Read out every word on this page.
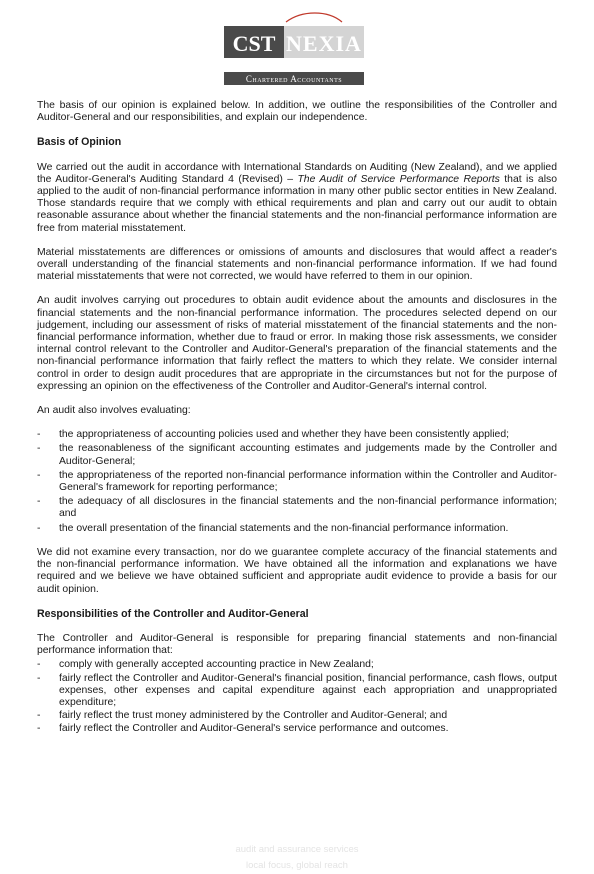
CST NEXIA
Chartered Accountants

The basis of our opinion is explained below. In addition, we outline the responsibilities of the Controller and Auditor-General and our responsibilities, and explain our independence.

Basis of Opinion

We carried out the audit in accordance with International Standards on Auditing (New Zealand), and we applied the Auditor-General's Auditing Standard 4 (Revised) – The Audit of Service Performance Reports that is also applied to the audit of non-financial performance information in many other public sector entities in New Zealand. Those standards require that we comply with ethical requirements and plan and carry out our audit to obtain reasonable assurance about whether the financial statements and the non-financial performance information are free from material misstatement.

Material misstatements are differences or omissions of amounts and disclosures that would affect a reader's overall understanding of the financial statements and non-financial performance information. If we had found material misstatements that were not corrected, we would have referred to them in our opinion.

An audit involves carrying out procedures to obtain audit evidence about the amounts and disclosures in the financial statements and the non-financial performance information. The procedures selected depend on our judgement, including our assessment of risks of material misstatement of the financial statements and the non-financial performance information, whether due to fraud or error. In making those risk assessments, we consider internal control relevant to the Controller and Auditor-General's preparation of the financial statements and the non-financial performance information that fairly reflect the matters to which they relate. We consider internal control in order to design audit procedures that are appropriate in the circumstances but not for the purpose of expressing an opinion on the effectiveness of the Controller and Auditor-General's internal control.

An audit also involves evaluating:

- the appropriateness of accounting policies used and whether they have been consistently applied;
- the reasonableness of the significant accounting estimates and judgements made by the Controller and Auditor-General;
- the appropriateness of the reported non-financial performance information within the Controller and Auditor-General's framework for reporting performance;
- the adequacy of all disclosures in the financial statements and the non-financial performance information; and
- the overall presentation of the financial statements and the non-financial performance information.

We did not examine every transaction, nor do we guarantee complete accuracy of the financial statements and the non-financial performance information. We have obtained all the information and explanations we have required and we believe we have obtained sufficient and appropriate audit evidence to provide a basis for our audit opinion.

Responsibilities of the Controller and Auditor-General

The Controller and Auditor-General is responsible for preparing financial statements and non-financial performance information that:

- comply with generally accepted accounting practice in New Zealand;
- fairly reflect the Controller and Auditor-General's financial position, financial performance, cash flows, output expenses, other expenses and capital expenditure against each appropriation and unappropriated expenditure;
- fairly reflect the trust money administered by the Controller and Auditor-General; and
- fairly reflect the Controller and Auditor-General's service performance and outcomes.
audit and assurance services
local focus, global reach
